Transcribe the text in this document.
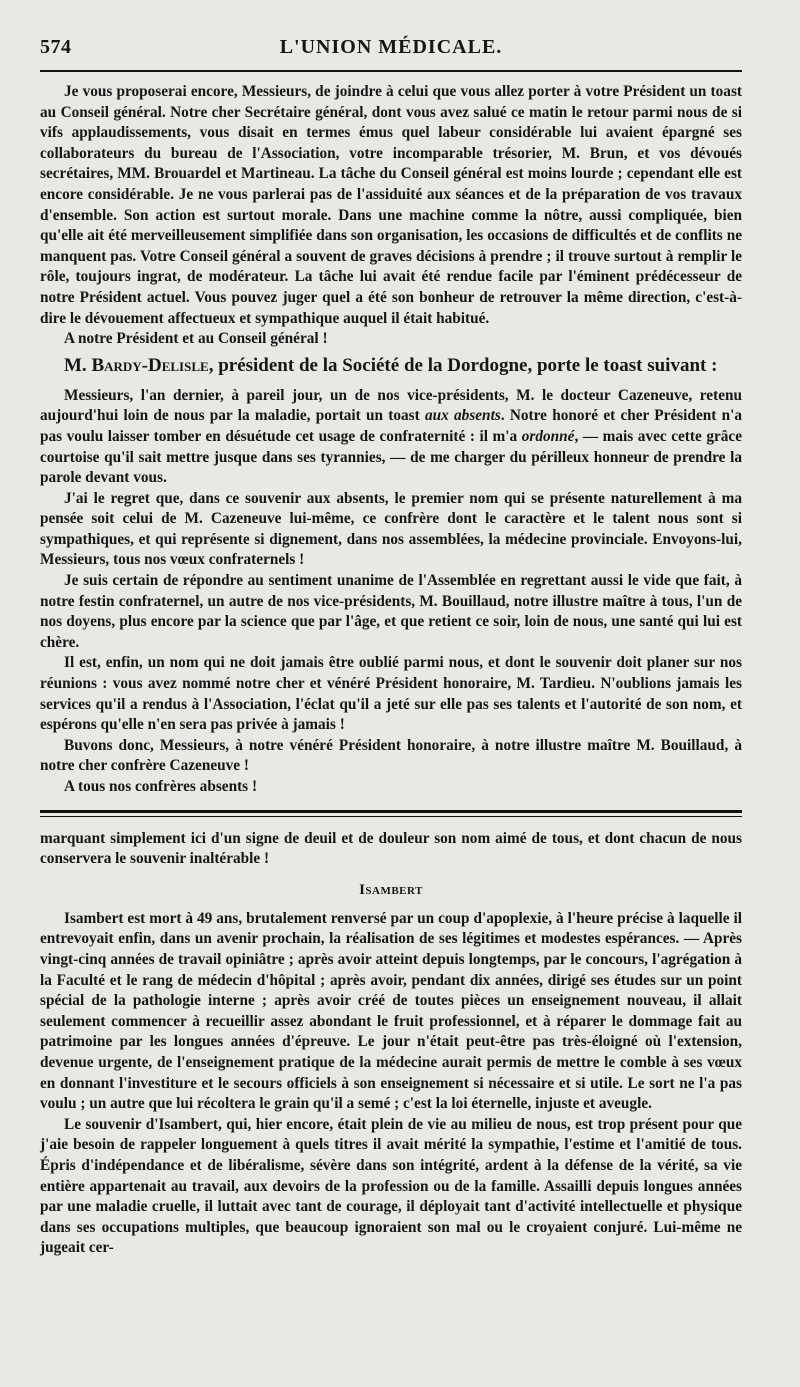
574	L'UNION MÉDICALE.

Je vous proposerai encore, Messieurs, de joindre à celui que vous allez porter à votre Président un toast au Conseil général. Notre cher Secrétaire général, dont vous avez salué ce matin le retour parmi nous de si vifs applaudissements, vous disait en termes émus quel labeur considérable lui avaient épargné ses collaborateurs du bureau de l'Association, votre incomparable trésorier, M. Brun, et vos dévoués secrétaires, MM. Brouardel et Martineau. La tâche du Conseil général est moins lourde ; cependant elle est encore considérable. Je ne vous parlerai pas de l'assiduité aux séances et de la préparation de vos travaux d'ensemble. Son action est surtout morale. Dans une machine comme la nôtre, aussi compliquée, bien qu'elle ait été merveilleusement simplifiée dans son organisation, les occasions de difficultés et de conflits ne manquent pas. Votre Conseil général a souvent de graves décisions à prendre ; il trouve surtout à remplir le rôle, toujours ingrat, de modérateur. La tâche lui avait été rendue facile par l'éminent prédécesseur de notre Président actuel. Vous pouvez juger quel a été son bonheur de retrouver la même direction, c'est-à-dire le dévouement affectueux et sympathique auquel il était habitué.

A notre Président et au Conseil général !

M. Bardy-Delisle, président de la Société de la Dordogne, porte le toast suivant :

Messieurs, l'an dernier, à pareil jour, un de nos vice-présidents, M. le docteur Cazeneuve, retenu aujourd'hui loin de nous par la maladie, portait un toast aux absents. Notre honoré et cher Président n'a pas voulu laisser tomber en désuétude cet usage de confraternité : il m'a ordonné, — mais avec cette grâce courtoise qu'il sait mettre jusque dans ses tyrannies, — de me charger du périlleux honneur de prendre la parole devant vous.

J'ai le regret que, dans ce souvenir aux absents, le premier nom qui se présente naturellement à ma pensée soit celui de M. Cazeneuve lui-même, ce confrère dont le caractère et le talent nous sont si sympathiques, et qui représente si dignement, dans nos assemblées, la médecine provinciale. Envoyons-lui, Messieurs, tous nos vœux confraternels !

Je suis certain de répondre au sentiment unanime de l'Assemblée en regrettant aussi le vide que fait, à notre festin confraternel, un autre de nos vice-présidents, M. Bouillaud, notre illustre maître à tous, l'un de nos doyens, plus encore par la science que par l'âge, et que retient ce soir, loin de nous, une santé qui lui est chère.

Il est, enfin, un nom qui ne doit jamais être oublié parmi nous, et dont le souvenir doit planer sur nos réunions : vous avez nommé notre cher et vénéré Président honoraire, M. Tardieu. N'oublions jamais les services qu'il a rendus à l'Association, l'éclat qu'il a jeté sur elle pas ses talents et l'autorité de son nom, et espérons qu'elle n'en sera pas privée à jamais !

Buvons donc, Messieurs, à notre vénéré Président honoraire, à notre illustre maître M. Bouillaud, à notre cher confrère Cazeneuve !

A tous nos confrères absents !

marquant simplement ici d'un signe de deuil et de douleur son nom aimé de tous, et dont chacun de nous conservera le souvenir inaltérable !

Isambert

Isambert est mort à 49 ans, brutalement renversé par un coup d'apoplexie, à l'heure précise à laquelle il entrevoyait enfin, dans un avenir prochain, la réalisation de ses légitimes et modestes espérances. — Après vingt-cinq années de travail opiniâtre ; après avoir atteint depuis longtemps, par le concours, l'agrégation à la Faculté et le rang de médecin d'hôpital ; après avoir, pendant dix années, dirigé ses études sur un point spécial de la pathologie interne ; après avoir créé de toutes pièces un enseignement nouveau, il allait seulement commencer à recueillir assez abondant le fruit professionnel, et à réparer le dommage fait au patrimoine par les longues années d'épreuve. Le jour n'était peut-être pas très-éloigné où l'extension, devenue urgente, de l'enseignement pratique de la médecine aurait permis de mettre le comble à ses vœux en donnant l'investiture et le secours officiels à son enseignement si nécessaire et si utile. Le sort ne l'a pas voulu ; un autre que lui récoltera le grain qu'il a semé ; c'est la loi éternelle, injuste et aveugle.

Le souvenir d'Isambert, qui, hier encore, était plein de vie au milieu de nous, est trop présent pour que j'aie besoin de rappeler longuement à quels titres il avait mérité la sympathie, l'estime et l'amitié de tous. Épris d'indépendance et de libéralisme, sévère dans son intégrité, ardent à la défense de la vérité, sa vie entière appartenait au travail, aux devoirs de la profession ou de la famille. Assailli depuis longues années par une maladie cruelle, il luttait avec tant de courage, il déployait tant d'activité intellectuelle et physique dans ses occupations multiples, que beaucoup ignoraient son mal ou le croyaient conjuré. Lui-même ne jugeait cer-
